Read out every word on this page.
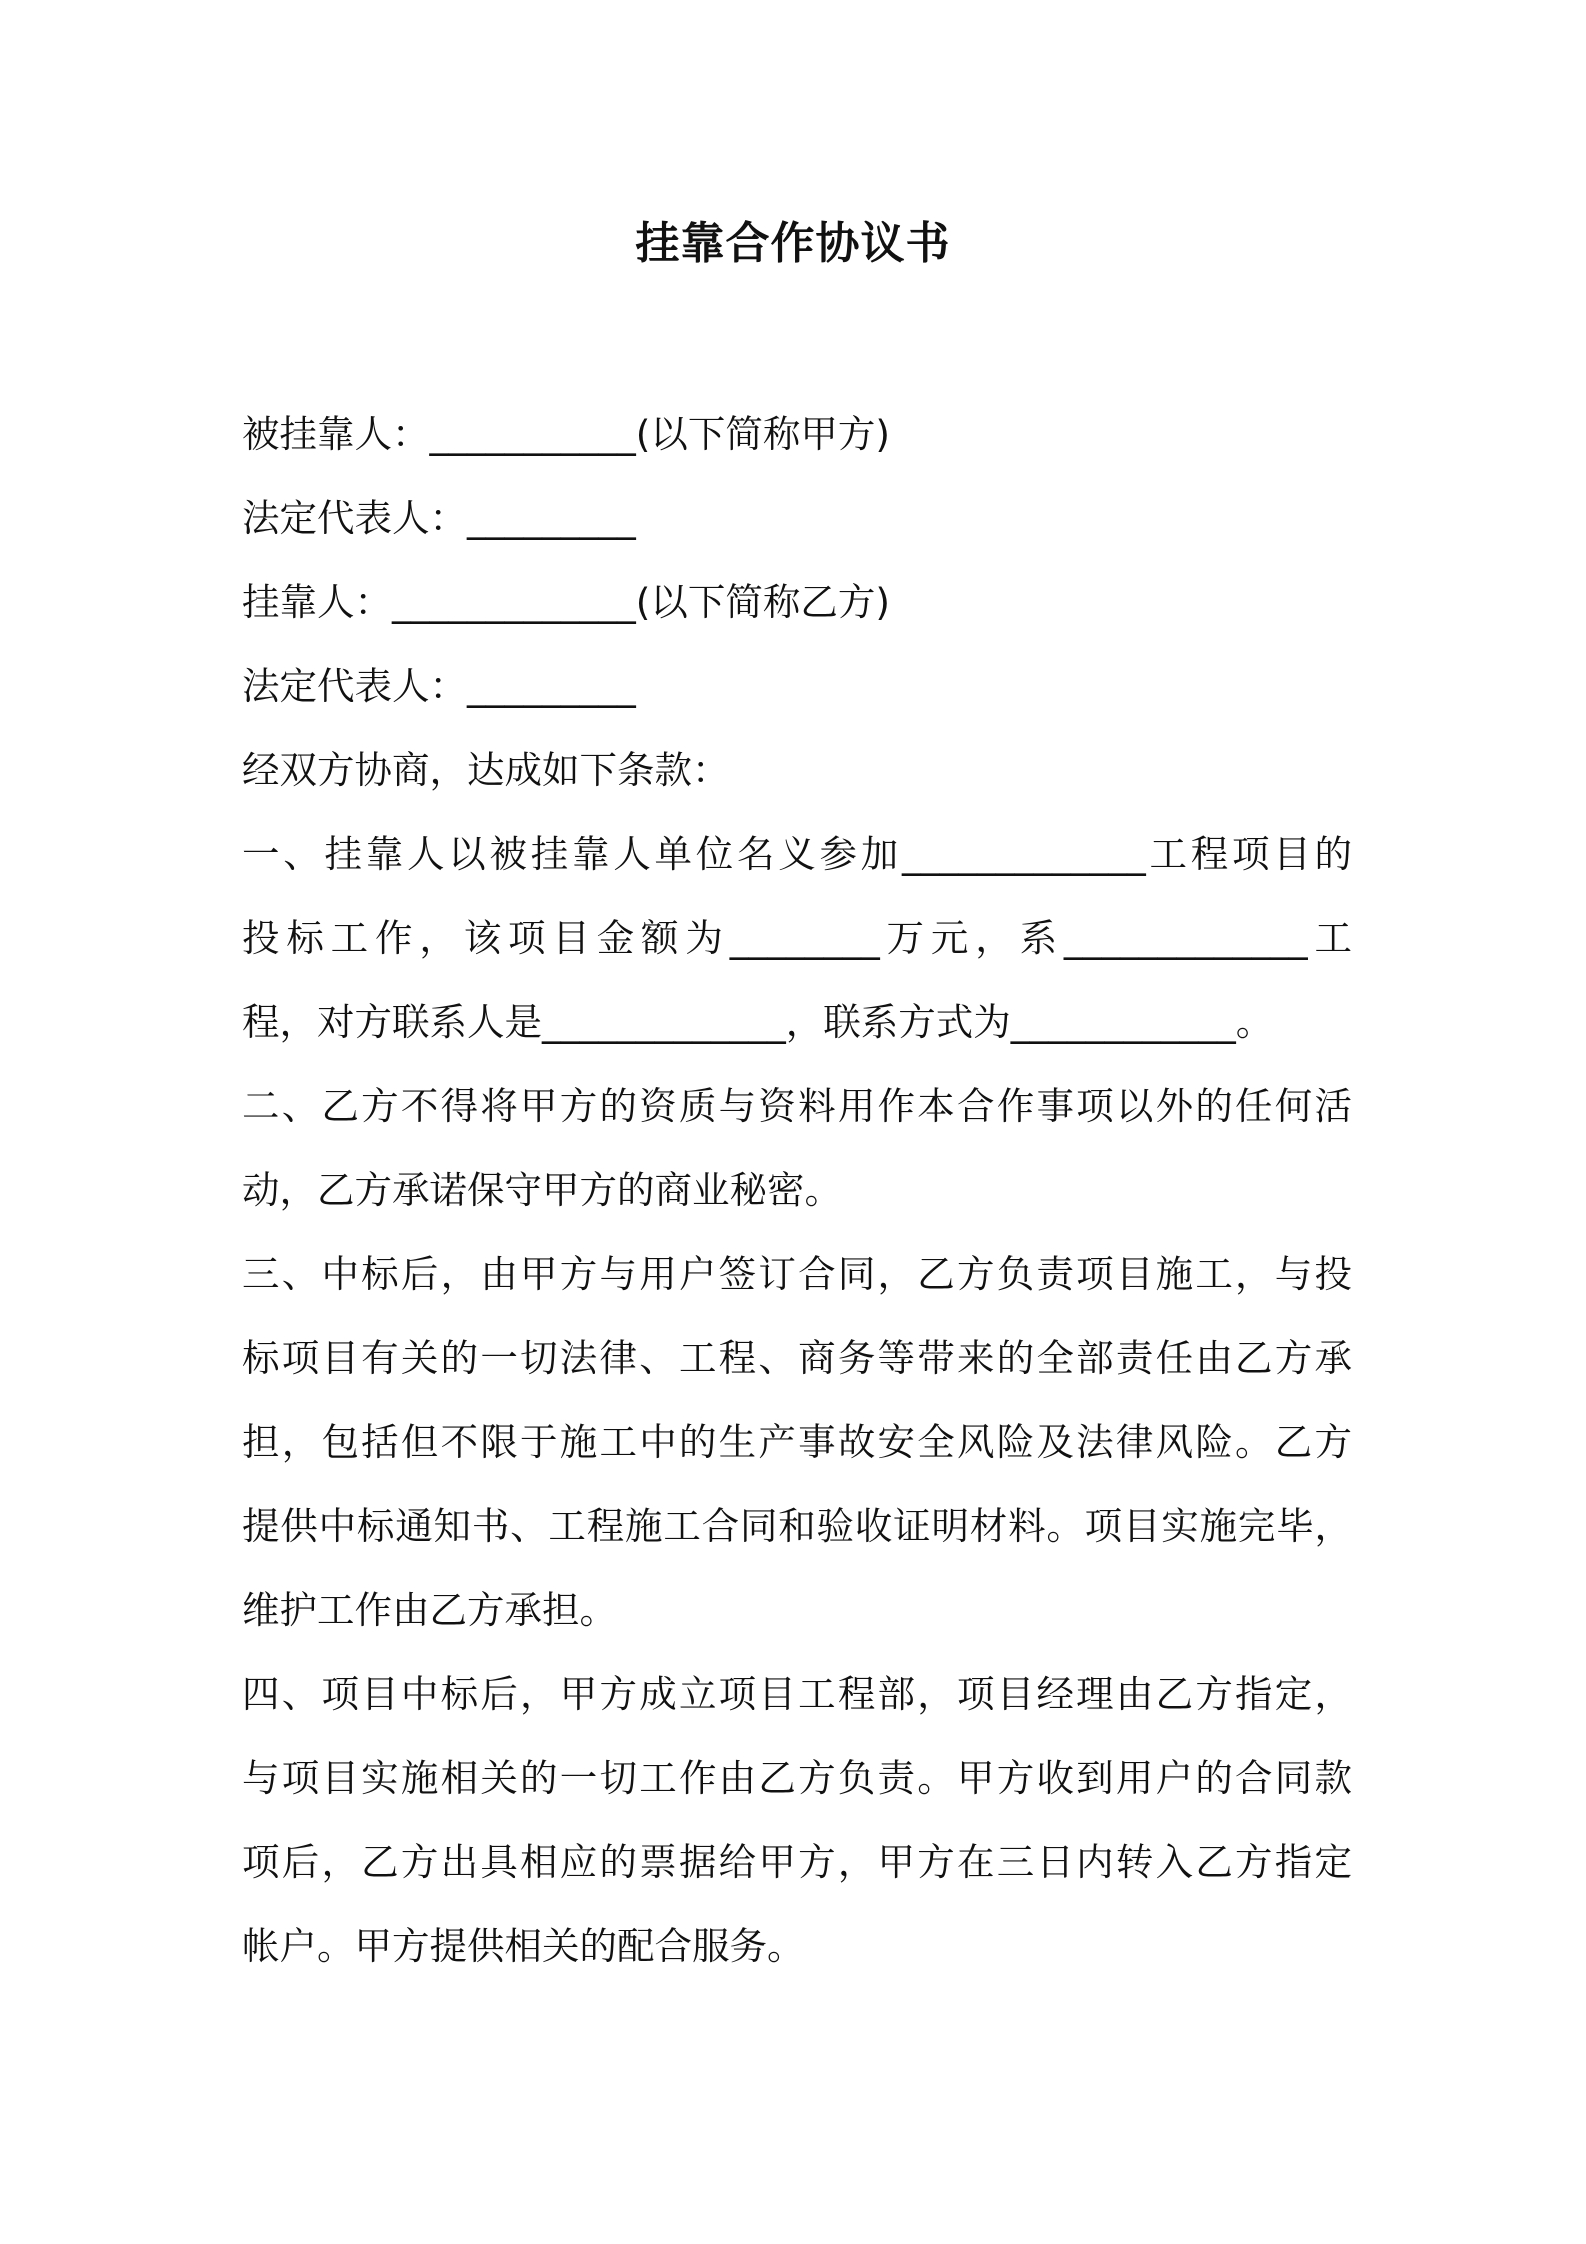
挂靠合作协议书
被挂靠人：___________(以下简称甲方)
法定代表人：_________
挂靠人：_____________(以下简称乙方)
法定代表人：_________
经双方协商，达成如下条款：
一、挂靠人以被挂靠人单位名义参加_____________工程项目的
投标工作，该项目金额为________万元，系_____________工
程，对方联系人是_____________，联系方式为____________。
二、乙方不得将甲方的资质与资料用作本合作事项以外的任何活
动，乙方承诺保守甲方的商业秘密。
三、中标后，由甲方与用户签订合同，乙方负责项目施工，与投
标项目有关的一切法律、工程、商务等带来的全部责任由乙方承
担，包括但不限于施工中的生产事故安全风险及法律风险。乙方
提供中标通知书、工程施工合同和验收证明材料。项目实施完毕，
维护工作由乙方承担。
四、项目中标后，甲方成立项目工程部，项目经理由乙方指定，
与项目实施相关的一切工作由乙方负责。甲方收到用户的合同款
项后，乙方出具相应的票据给甲方，甲方在三日内转入乙方指定
帐户。甲方提供相关的配合服务。
